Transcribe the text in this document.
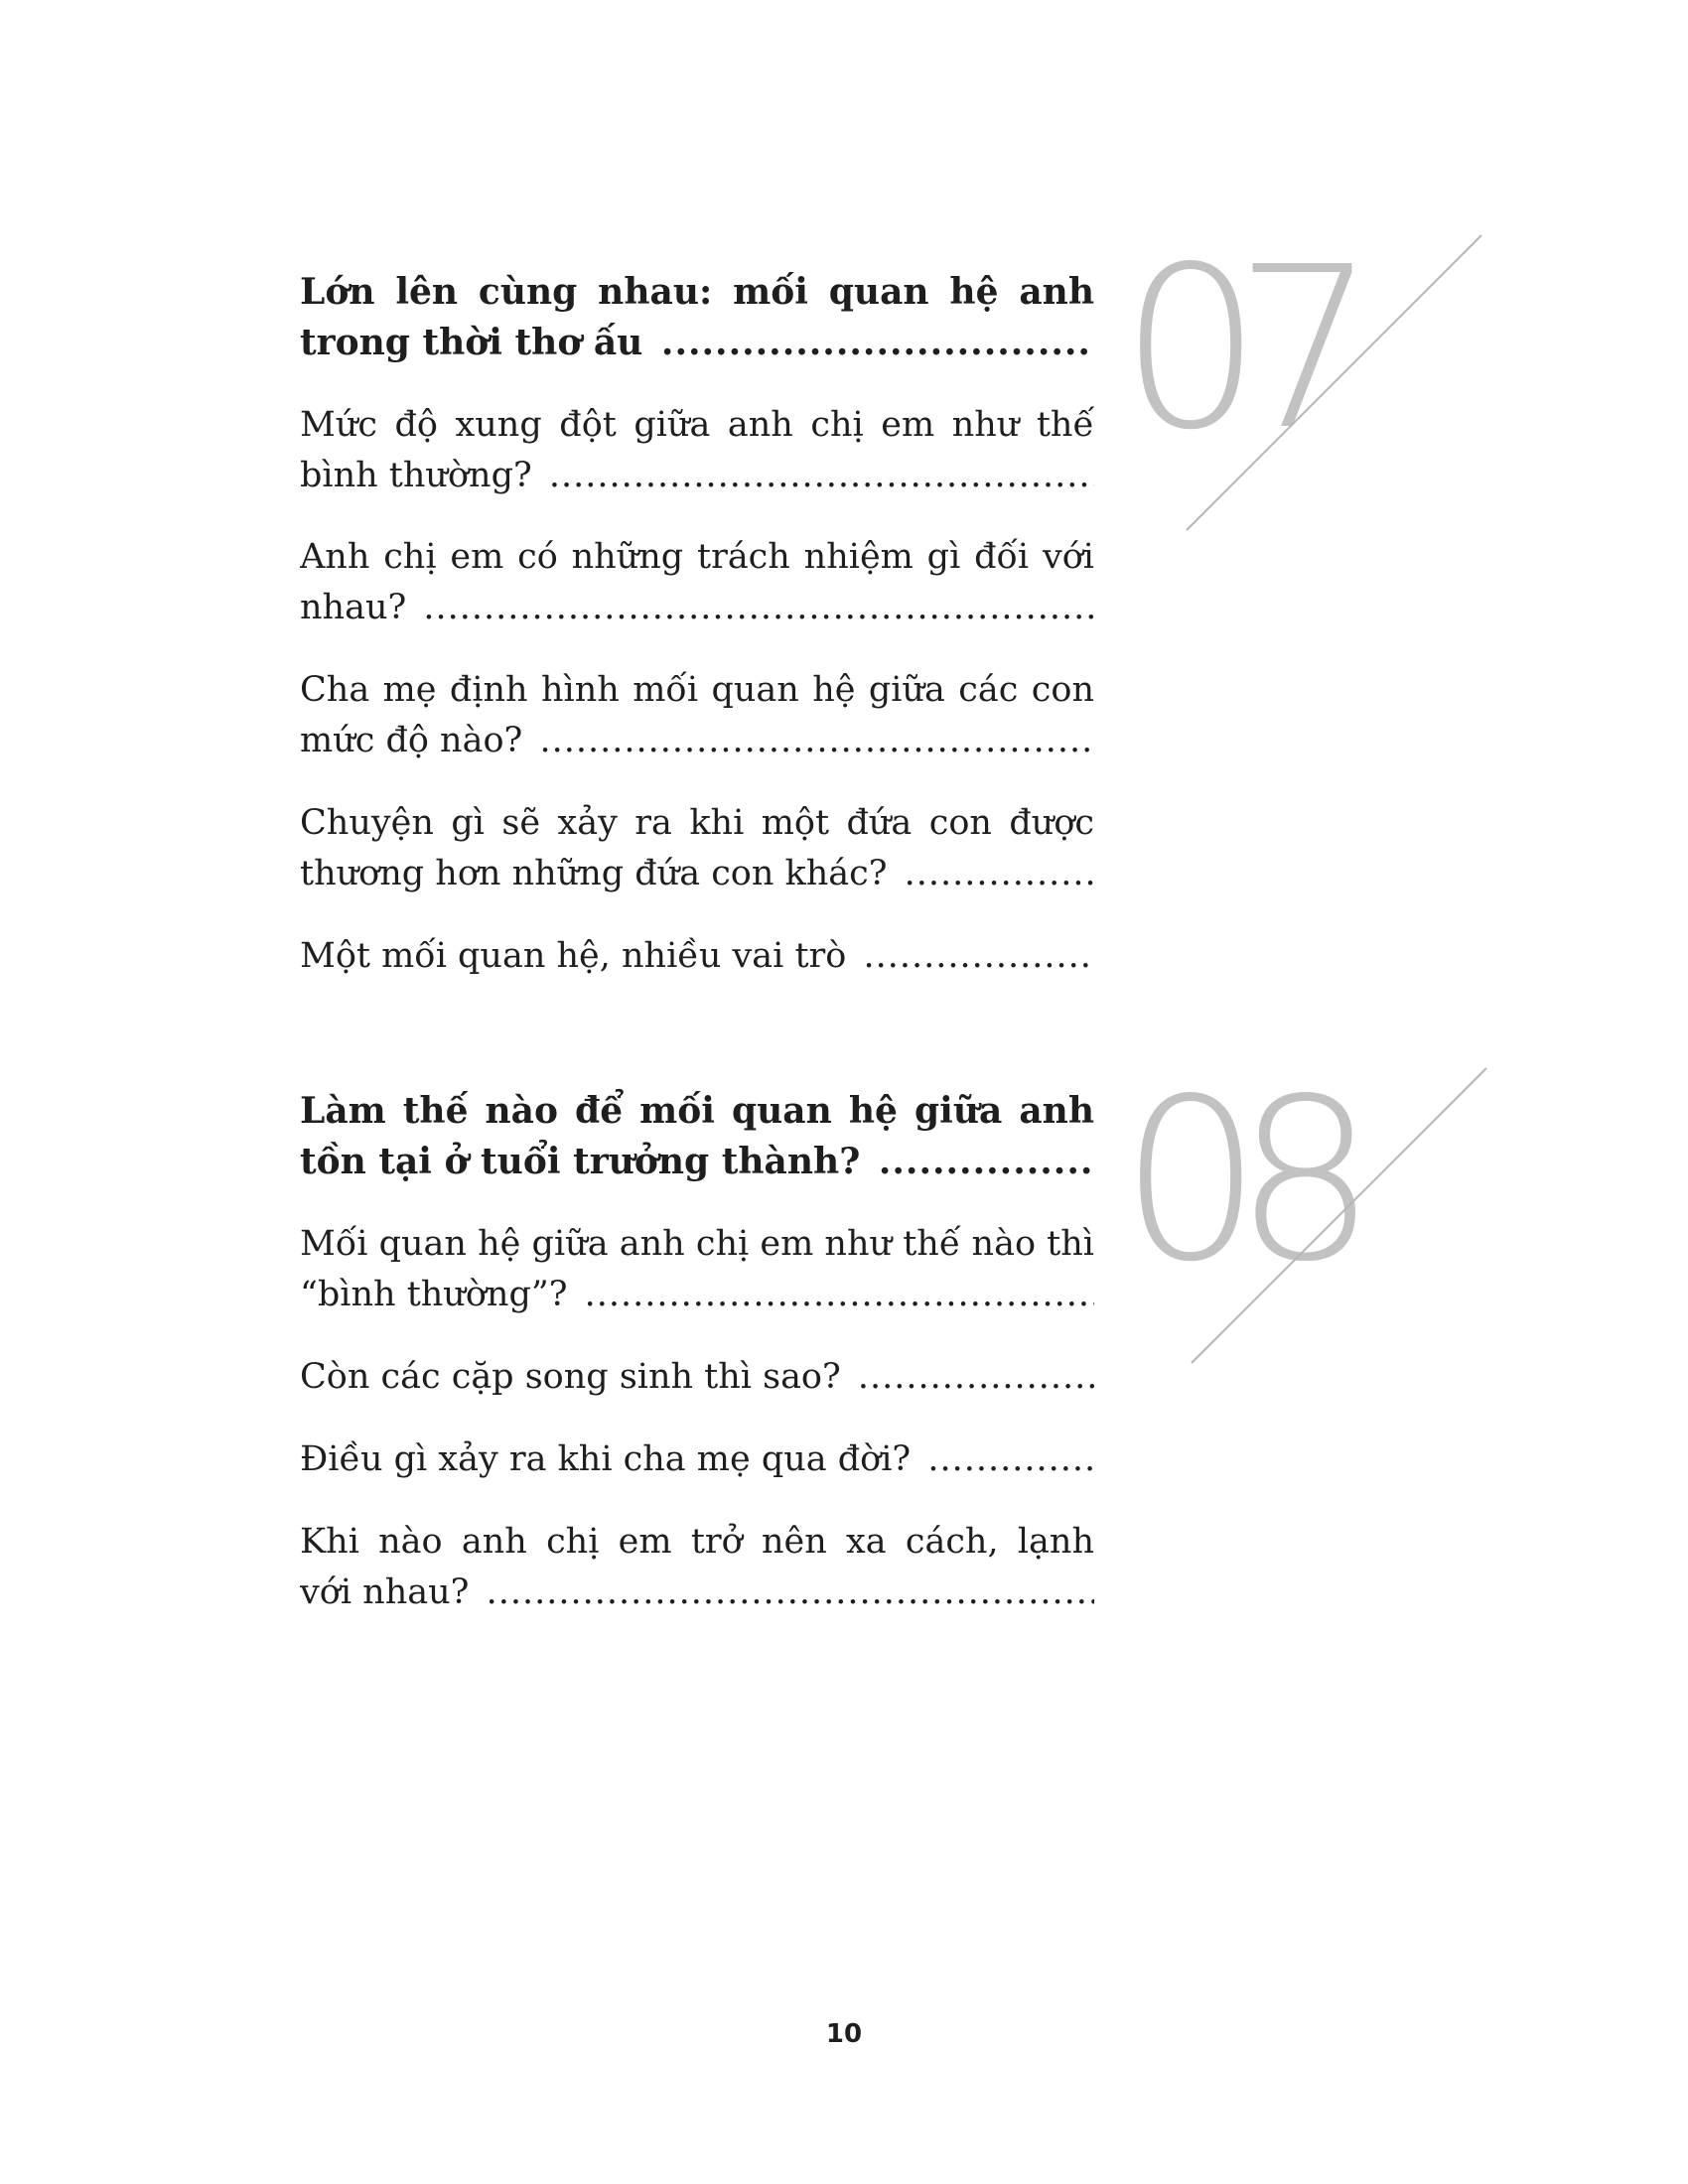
07
Lớn lên cùng nhau: mối quan hệ anh
trong thời thơ ấu .....
Mức độ xung đột giữa anh chị em như thế
bình thường? .....
Anh chị em có những trách nhiệm gì đối với
nhau? .....
Cha mẹ định hình mối quan hệ giữa các con
mức độ nào? .....
Chuyện gì sẽ xảy ra khi một đứa con được
thương hơn những đứa con khác? .....
Một mối quan hệ, nhiều vai trò .....
08
Làm thế nào để mối quan hệ giữa anh
tồn tại ở tuổi trưởng thành? .....
Mối quan hệ giữa anh chị em như thế nào thì
“bình thường”? .....
Còn các cặp song sinh thì sao? .....
Điều gì xảy ra khi cha mẹ qua đời? .....
Khi nào anh chị em trở nên xa cách, lạnh
với nhau? .....
10
